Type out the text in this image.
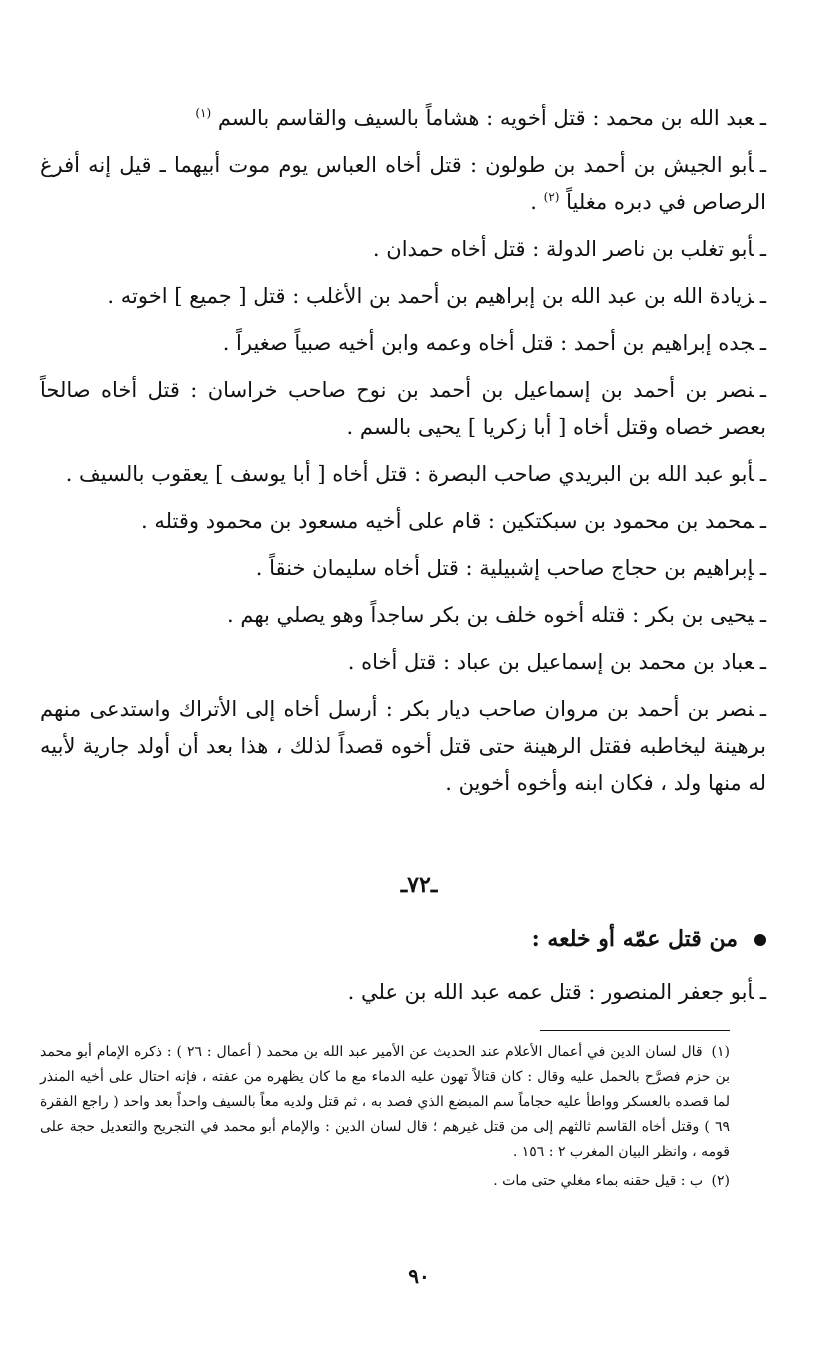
ـعبد الله بن محمد : قتل أخويه : هشاماً بالسيف والقاسم بالسم $^{(١)}$
ـأبو الجيش بن أحمد بن طولون : قتل أخاه العباس يوم موت أبيهما ـ قيل إنه أفرغ الرصاص في دبره مغلياً $^{(٢)}$ .
ـأبو تغلب بن ناصر الدولة : قتل أخاه حمدان .
ـزيادة الله بن عبد الله بن إبراهيم بن أحمد بن الأغلب : قتل [ جميع ] اخوته .
ـجده إبراهيم بن أحمد : قتل أخاه وعمه وابن أخيه صبياً صغيراً .
ـنصر بن أحمد بن إسماعيل بن أحمد بن نوح صاحب خراسان : قتل أخاه صالحاً بعصر خصاه وقتل أخاه [ أبا زكريا ] يحيى بالسم .
ـأبو عبد الله بن البريدي صاحب البصرة : قتل أخاه [ أبا يوسف ] يعقوب بالسيف .
ـمحمد بن محمود بن سبكتكين : قام على أخيه مسعود بن محمود وقتله .
ـإبراهيم بن حجاج صاحب إشبيلية : قتل أخاه سليمان خنقاً .
ـيحيى بن بكر : قتله أخوه خلف بن بكر ساجداً وهو يصلي بهم .
ـعباد بن محمد بن إسماعيل بن عباد : قتل أخاه .
ـنصر بن أحمد بن مروان صاحب ديار بكر : أرسل أخاه إلى الأتراك واستدعى منهم برهينة ليخاطبه فقتل الرهينة حتى قتل أخوه قصداً لذلك ، هذا بعد أن أولد جارية لأبيه له منها ولد ، فكان ابنه وأخوه أخوين .
ـ٧٢ـ
من قتل عمّه أو خلعه :
ـأبو جعفر المنصور : قتل عمه عبد الله بن علي .
(١) قال لسان الدين في أعمال الأعلام عند الحديث عن الأمير عبد الله بن محمد ( أعمال : ٢٦ ) : ذكره الإمام أبو محمد بن حزم فصرَّح بالحمل عليه وقال : كان قتالاً تهون عليه الدماء مع ما كان يظهره من عفته ، فإنه احتال على أخيه المنذر لما قصده بالعسكر وواطأ عليه حجاماً سم المبضع الذي فصد به ، ثم قتل ولديه معاً بالسيف واحداً بعد واحد ( راجع الفقرة ٦٩ ) وقتل أخاه القاسم ثالثهم إلى من قتل غيرهم ؛ قال لسان الدين : والإمام أبو محمد في التجريح والتعديل حجة على قومه ، وانظر البيان المغرب ٢ : ١٥٦ .
(٢) ب : قيل حقنه بماء مغلي حتى مات .
٩٠
